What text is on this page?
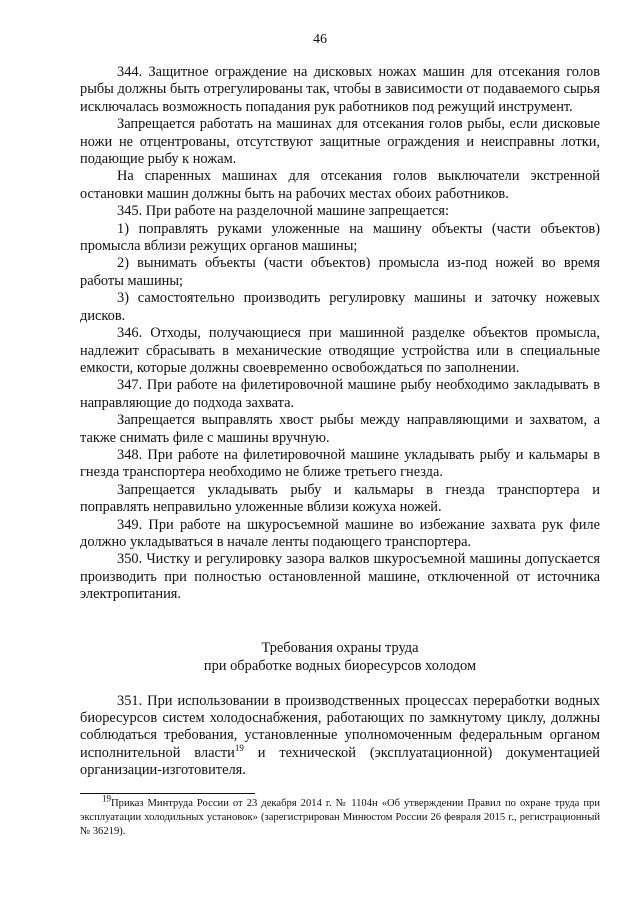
46

344. Защитное ограждение на дисковых ножах машин для отсекания голов рыбы должны быть отрегулированы так, чтобы в зависимости от подаваемого сырья исключалась возможность попадания рук работников под режущий инструмент.

Запрещается работать на машинах для отсекания голов рыбы, если дисковые ножи не отцентрованы, отсутствуют защитные ограждения и неисправны лотки, подающие рыбу к ножам.

На спаренных машинах для отсекания голов выключатели экстренной остановки машин должны быть на рабочих местах обоих работников.

345. При работе на разделочной машине запрещается:

1) поправлять руками уложенные на машину объекты (части объектов) промысла вблизи режущих органов машины;

2) вынимать объекты (части объектов) промысла из-под ножей во время работы машины;

3) самостоятельно производить регулировку машины и заточку ножевых дисков.

346. Отходы, получающиеся при машинной разделке объектов промысла, надлежит сбрасывать в механические отводящие устройства или в специальные емкости, которые должны своевременно освобождаться по заполнении.

347. При работе на филетировочной машине рыбу необходимо закладывать в направляющие до подхода захвата.

Запрещается выправлять хвост рыбы между направляющими и захватом, а также снимать филе с машины вручную.

348. При работе на филетировочной машине укладывать рыбу и кальмары в гнезда транспортера необходимо не ближе третьего гнезда.

Запрещается укладывать рыбу и кальмары в гнезда транспортера и поправлять неправильно уложенные вблизи кожуха ножей.

349. При работе на шкуросъемной машине во избежание захвата рук филе должно укладываться в начале ленты подающего транспортера.

350. Чистку и регулировку зазора валков шкуросъемной машины допускается производить при полностью остановленной машине, отключенной от источника электропитания.

Требования охраны труда
при обработке водных биоресурсов холодом

351. При использовании в производственных процессах переработки водных биоресурсов систем холодоснабжения, работающих по замкнутому циклу, должны соблюдаться требования, установленные уполномоченным федеральным органом исполнительной власти$^{19}$ и технической (эксплуатационной) документацией организации-изготовителя.

$^{19}$Приказ Минтруда России от 23 декабря 2014 г. № 1104н «Об утверждении Правил по охране труда при эксплуатации холодильных установок» (зарегистрирован Минюстом России 26 февраля 2015 г., регистрационный № 36219).
